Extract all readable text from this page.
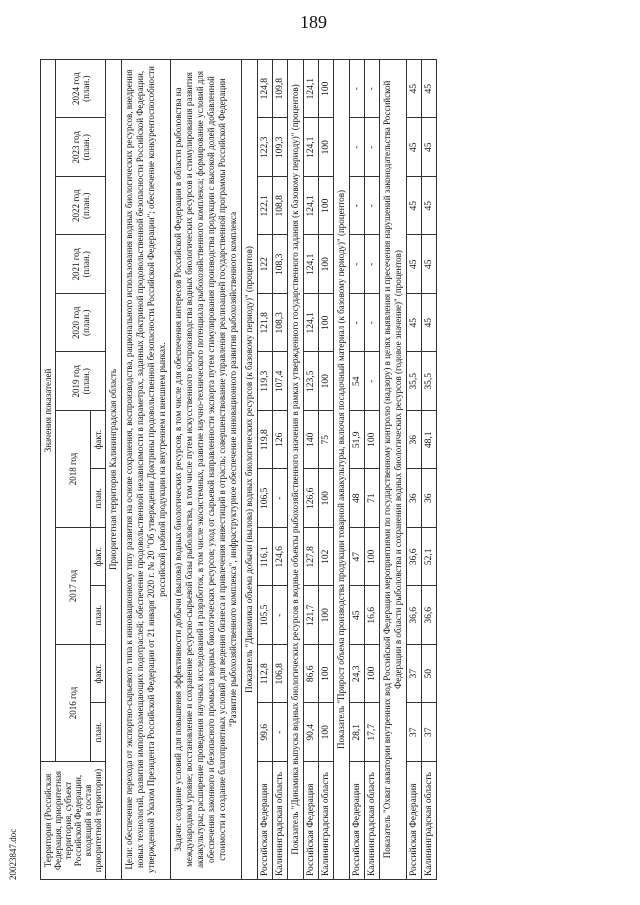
189
20023847.doc	Территория (Российская Федерация, приоритетная территория, субъект Российской Федерации, входящий в состав приоритетной территории)	Значения показателей											
	2016 год		2017 год		2018 год		2019 год (план.)	2020 год (план.)	2021 год (план.)	2022 год (план.)	2023 год (план.)	2024 год (план.)
	план.	факт.	план.	факт.	план.	факт.						
Приоритетная территория Калининградская область												
Цели: обеспечение перехода от экспортно-сырьевого типа к инновационному типу развития на основе сохранения, воспроизводства, рационального использования водных биологических ресурсов, внедрения новых технологий, развития импортозамещающих подотраслей; обеспечение продовольственной независимости в параметрах, заданных Доктриной продовольственной безопасности Российской Федерации, утвержденной Указом Президента Российской Федерации от 21 января 2020 г. № 20 "Об утверждении Доктрины продовольственной безопасности Российской Федерации"; обеспечение конкурентоспособности российской рыбной продукции на внутреннем и внешнем рынках.												
Задачи: создание условий для повышения эффективности добычи (вылова) водных биологических ресурсов, в том числе для обеспечения интересов Российской Федерации в области рыболовства на международном уровне; восстановление и сохранение ресурсно-сырьевой базы рыболовства, в том числе путем искусственного воспроизводства водных биологических ресурсов и стимулирования развития аквакультуры; расширение проведения научных исследований и разработок, в том числе экосистемных, развитие научно-технического потенциала рыбохозяйственного комплекса; формирование условий для обеспечения законного и безопасного промысла водных биологических ресурсов; уход от сырьевой направленности экспорта путем стимулирования производства продукции с высокой долей добавленной стоимости и создание благоприятных условий для ведения бизнеса и привлечения инвестиций в отрасль; совершенствование управления реализацией государственной программы Российской Федерации "Развитие рыбохозяйственного комплекса", инфраструктурное обеспечение инновационного развития рыбохозяйственного комплекса												
Показатель "Динамика объема добычи (вылова) водных биологических ресурсов (к базовому периоду)" (процентов)												
Российская Федерация	99,6	112,8	105,5	116,1	106,5	119,8	119,3	121,8	122	122,1	122,3	124,8
Калининградская область	-	106,8	-	124,6	-	126	107,4	108,3	108,3	108,8	109,3	109,8
Показатель "Динамика выпуска водных биологических ресурсов в водные объекты рыбохозяйственного значения в рамках утвержденного государственного задания (к базовому периоду)" (процентов)												
Российская Федерация	90,4	86,6	121,7	127,8	126,6	140	123,5	124,1	124,1	124,1	124,1	124,1
Калининградская область	100	100	100	102	100	75	100	100	100	100	100	100
Показатель "Прирост объема производства продукции товарной аквакультуры, включая посадочный материал (к базовому периоду)" (процентов)												
Российская Федерация	28,1	24,3	45	47	48	51,9	54	-	-	-	-	-
Калининградская область	17,7	100	16,6	100	71	100	-	-	-	-	-	-
Показатель "Охват акватории внутренних вод Российской Федерации мероприятиями по государственному контролю (надзору) в целях выявления и пресечения нарушений законодательства Российской Федерации в области рыболовства и сохранения водных биологических ресурсов (годовое значение)" (процентов)												
Российская Федерация	37	37	36,6	36,6	36	36	35,5	45	45	45	45	45
Калининградская область	37	50	36,6	52,1	36	48,1	35,5	45	45	45	45	45
